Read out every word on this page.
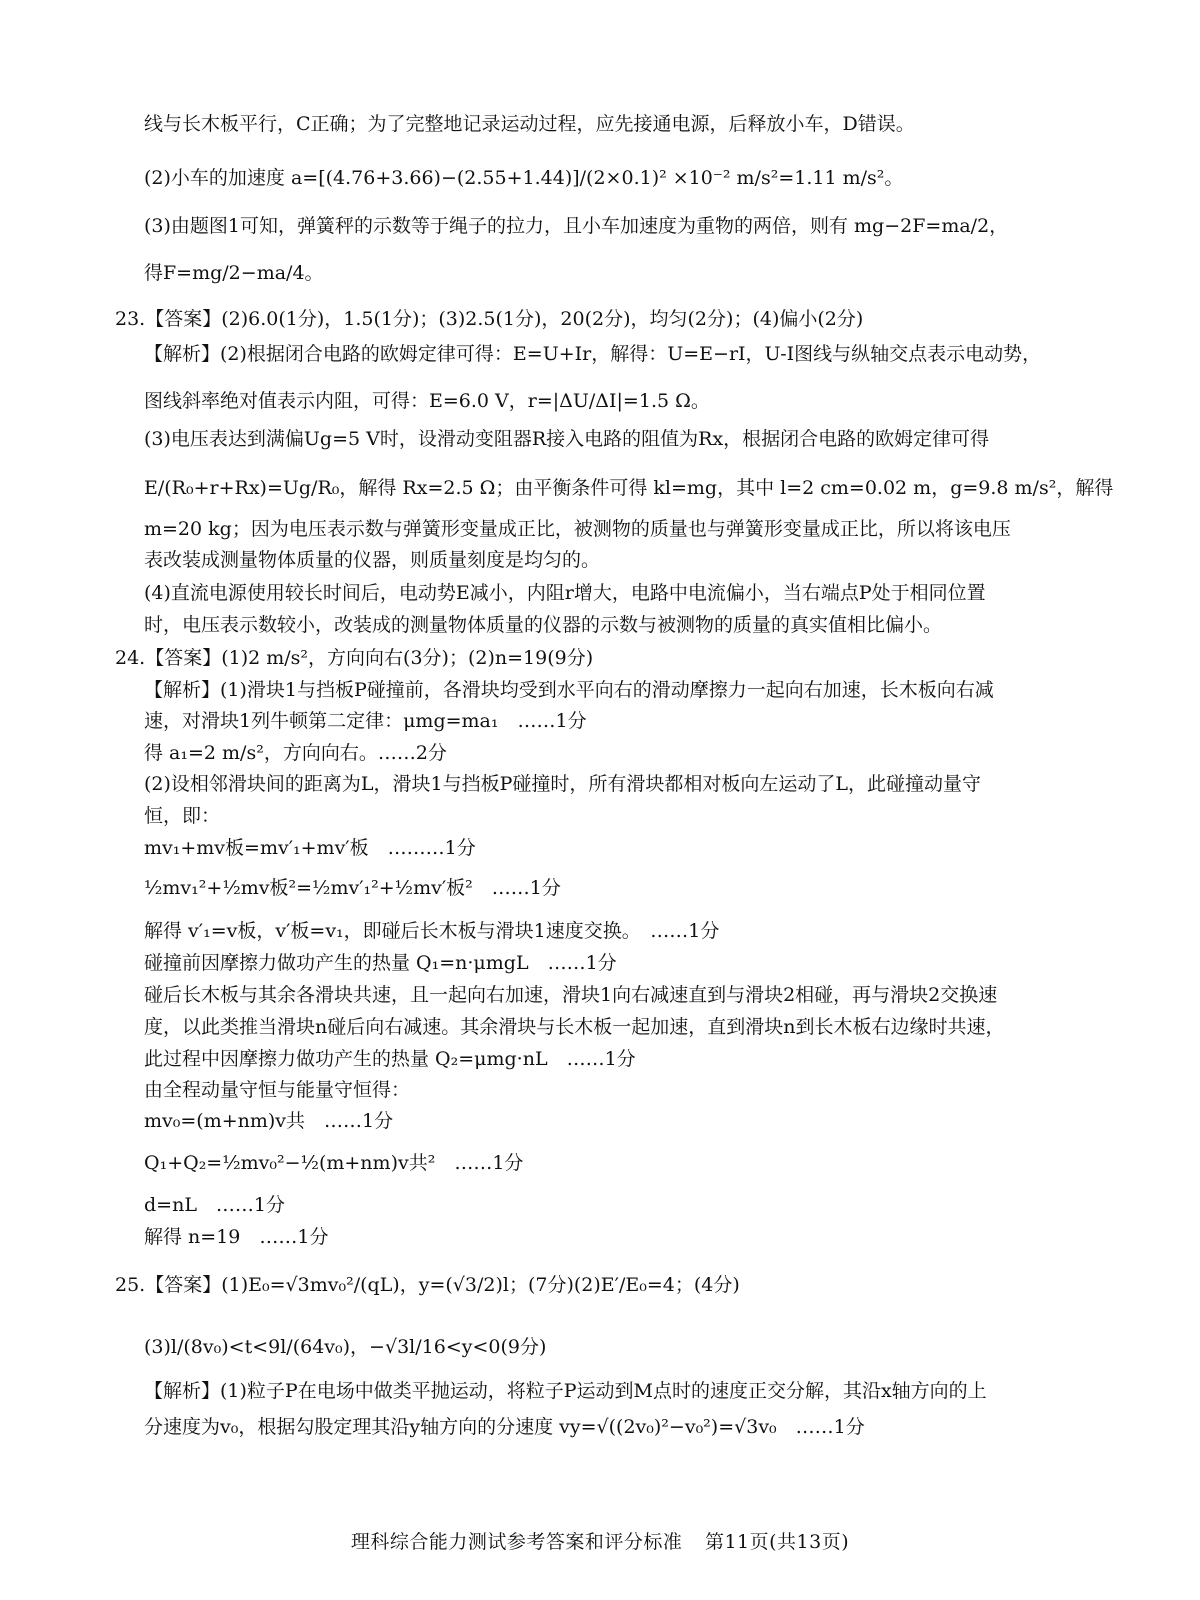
线与长木板平行，C正确；为了完整地记录运动过程，应先接通电源，后释放小车，D错误。
(2)小车的加速度 a=[(4.76+3.66)−(2.55+1.44)]/(2×0.1)² ×10⁻² m/s²=1.11 m/s²。
(3)由题图1可知，弹簧秤的示数等于绳子的拉力，且小车加速度为重物的两倍，则有 mg−2F=ma/2，
得F=mg/2−ma/4。
23.【答案】(2)6.0(1分)，1.5(1分)；(3)2.5(1分)，20(2分)，均匀(2分)；(4)偏小(2分)
【解析】(2)根据闭合电路的欧姆定律可得：E=U+Ir，解得：U=E−rI，U-I图线与纵轴交点表示电动势，
图线斜率绝对值表示内阻，可得：E=6.0 V，r=|ΔU/ΔI|=1.5 Ω。
(3)电压表达到满偏Ug=5 V时，设滑动变阻器R接入电路的阻值为Rx，根据闭合电路的欧姆定律可得
E/(R₀+r+Rx)=Ug/R₀，解得 Rx=2.5 Ω；由平衡条件可得 kl=mg，其中 l=2 cm=0.02 m，g=9.8 m/s²，解得
m=20 kg；因为电压表示数与弹簧形变量成正比，被测物的质量也与弹簧形变量成正比，所以将该电压
表改装成测量物体质量的仪器，则质量刻度是均匀的。
(4)直流电源使用较长时间后，电动势E减小，内阻r增大，电路中电流偏小，当右端点P处于相同位置
时，电压表示数较小，改装成的测量物体质量的仪器的示数与被测物的质量的真实值相比偏小。
24.【答案】(1)2 m/s²，方向向右(3分)；(2)n=19(9分)
【解析】(1)滑块1与挡板P碰撞前，各滑块均受到水平向右的滑动摩擦力一起向右加速，长木板向右减
速，对滑块1列牛顿第二定律：μmg=ma₁　……1分
得 a₁=2 m/s²，方向向右。……2分
(2)设相邻滑块间的距离为L，滑块1与挡板P碰撞时，所有滑块都相对板向左运动了L，此碰撞动量守
恒，即：
mv₁+mv板=mv′₁+mv′板　………1分
½mv₁²+½mv板²=½mv′₁²+½mv′板²　……1分
解得 v′₁=v板，v′板=v₁，即碰后长木板与滑块1速度交换。　……1分
碰撞前因摩擦力做功产生的热量 Q₁=n·μmgL　……1分
碰后长木板与其余各滑块共速，且一起向右加速，滑块1向右减速直到与滑块2相碰，再与滑块2交换速
度，以此类推当滑块n碰后向右减速。其余滑块与长木板一起加速，直到滑块n到长木板右边缘时共速，
此过程中因摩擦力做功产生的热量 Q₂=μmg·nL　……1分
由全程动量守恒与能量守恒得：
mv₀=(m+nm)v共　……1分
Q₁+Q₂=½mv₀²−½(m+nm)v共²　……1分
d=nL　……1分
解得 n=19　……1分
25.【答案】(1)E₀=√3mv₀²/(qL)，y=(√3/2)l；(7分)(2)E′/E₀=4；(4分)
(3)l/(8v₀)<t<9l/(64v₀)，−√3l/16<y<0(9分)
【解析】(1)粒子P在电场中做类平抛运动，将粒子P运动到M点时的速度正交分解，其沿x轴方向的上
分速度为v₀，根据勾股定理其沿y轴方向的分速度 vy=√((2v₀)²−v₀²)=√3v₀　……1分
理科综合能力测试参考答案和评分标准 第11页(共13页)
